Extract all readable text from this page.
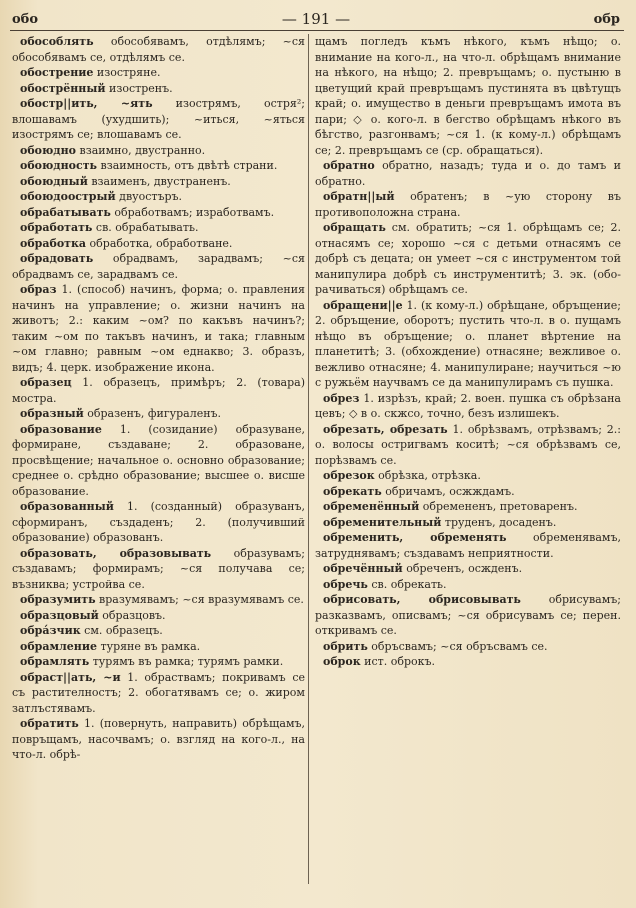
обо	— 191 —	обр

обособлять обособявамъ, отдѣлямъ; ~ся обособявамъ се, отдѣлямъ се.

обострение изостряне.

обострённый изостренъ.

обостр||ить, ~ять изострямъ, остря²; влошавамъ (ухудшить); ~иться, ~яться изострямъ се; влошавамъ се.

обоюдно взаимно, двустранно.

обоюдность взаимность, отъ двѣтѣ страни.

обоюдный взаименъ, двустраненъ.

обоюдоострый двуостъръ.

обрабатывать обработвамъ; изработвамъ.

обработать св. обрабатывать.

обработка обработка, обработване.

обрадовать обрадвамъ, зарадвамъ; ~ся обрадвамъ се, зарадвамъ се.

образ 1. (способ) начинъ, форма; о. правления начинъ на управление; о. жизни начинъ на животъ; 2.: каким ~ом? по какъвъ начинъ?; таким ~ом по такъвъ начинъ, и така; главным ~ом главно; равным ~ом еднакво; 3. образъ, видъ; 4. церк. изображение икона.

образец 1. образецъ, примѣръ; 2. (товара) мостра.

образный образенъ, фигураленъ.

образование 1. (созидание) образуване, формиране, създаване; 2. образоване, просвѣщение; начальное о. основно образование; среднее о. срѣдно образование; высшее о. висше образование.

образованный 1. (созданный) образуванъ, сформиранъ, създаденъ; 2. (получивший образование) образованъ.

образовать, образовывать образувамъ; създавамъ; формирамъ; ~ся получава се; възниква; устройва се.

образумить вразумявамъ; ~ся вразумявамъ се.

образцовый образцовъ.

обрáзчик см. образецъ.

обрамление туряне въ рамка.

обрамлять турямъ въ рамка; турямъ рамки.

обраст||ать, ~и 1. обраствамъ; покривамъ се съ растителностъ; 2. обогатявамъ се; о. жиром затлъстявамъ.

обратить 1. (повернуть, направить) обрѣщамъ, повръщамъ, насочвамъ; о. взгляд на кого-л., на что-л. обрѣ-

щамъ погледъ къмъ нѣкого, къмъ нѣщо; о. внимание на кого-л., на что-л. обрѣщамъ внимание на нѣкого, на нѣщо; 2. превръщамъ; о. пустыню в цветущий край превръщамъ пустинята въ цвѣтущъ край; о. имущество в деньги превръщамъ имота въ пари; ◇ о. кого-л. в бегство обрѣщамъ нѣкого въ бѣгство, разгонвамъ; ~ся 1. (к кому-л.) обрѣщамъ се; 2. превръщамъ се (ср. обращаться).

обратно обратно, назадъ; туда и о. до тамъ и обратно.

обратн||ый обратенъ; в ~ую сторону въ противоположна страна.

обращать см. обратить; ~ся 1. обрѣщамъ се; 2. отнасямъ се; хорошо ~ся с детьми отнасямъ се добрѣ съ децата; он умеет ~ся с инструментом той манипулира добрѣ съ инструментитѣ; 3. эк. (оборачиваться) обрѣщамъ се.

обращени||е 1. (к кому-л.) обрѣщане, обръщение; 2. обръщение, оборотъ; пустить что-л. в о. пущамъ нѣщо въ обръщение; о. планет вѣртение на планетитѣ; 3. (обхождение) отнасяне; вежливое о. вежливо отнасяне; 4. манипулиране; научиться ~ю с ружьём научвамъ се да манипулирамъ съ пушка.

обрез 1. изрѣзъ, край; 2. воен. пушка съ обрѣзана цевъ; ◇ в о. скжсо, точно, безъ излишекъ.

обрезать, обрезать 1. обрѣзвамъ, отрѣзвамъ; 2.: о. волосы остригвамъ коситѣ; ~ся обрѣзвамъ се, порѣзвамъ се.

обрезок обрѣзка, отрѣзка.

обрекать обричамъ, осжждамъ.

обременённый обремененъ, претоваренъ.

обременительный труденъ, досаденъ.

обременить, обременять обременявамъ, затруднявамъ; създавамъ неприятности.

обречённый обреченъ, осжденъ.

обречь св. обрекать.

обрисовать, обрисовывать обрисувамъ; разказвамъ, описвамъ; ~ся обрисувамъ се; перен. откривамъ се.

обрить обръсвамъ; ~ся обръсвамъ се.

оброк ист. оброкъ.
